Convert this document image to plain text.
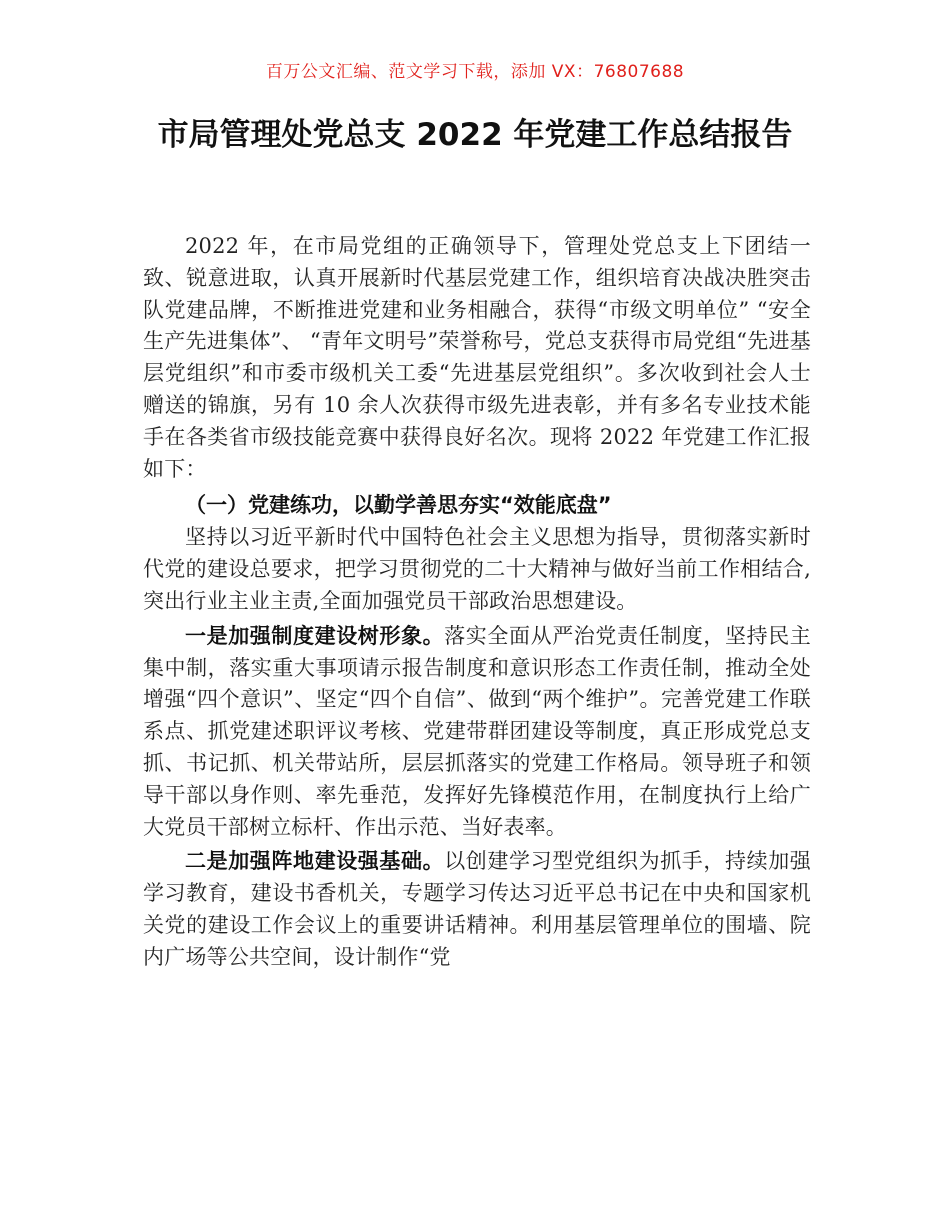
百万公文汇编、范文学习下载，添加 VX：76807688
市局管理处党总支 2022 年党建工作总结报告

2022 年，在市局党组的正确领导下，管理处党总支上下团结一致、锐意进取，认真开展新时代基层党建工作，组织培育决战决胜突击队党建品牌，不断推进党建和业务相融合，获得“市级文明单位” “安全生产先进集体”、 “青年文明号”荣誉称号，党总支获得市局党组“先进基层党组织”和市委市级机关工委“先进基层党组织”。多次收到社会人士赠送的锦旗，另有 10 余人次获得市级先进表彰，并有多名专业技术能手在各类省市级技能竞赛中获得良好名次。现将 2022 年党建工作汇报如下：

（一）党建练功，以勤学善思夯实“效能底盘”

坚持以习近平新时代中国特色社会主义思想为指导，贯彻落实新时代党的建设总要求，把学习贯彻党的二十大精神与做好当前工作相结合,突出行业主业主责,全面加强党员干部政治思想建设。

一是加强制度建设树形象。落实全面从严治党责任制度，坚持民主集中制，落实重大事项请示报告制度和意识形态工作责任制，推动全处增强“四个意识”、坚定“四个自信”、做到“两个维护”。完善党建工作联系点、抓党建述职评议考核、党建带群团建设等制度，真正形成党总支抓、书记抓、机关带站所，层层抓落实的党建工作格局。领导班子和领导干部以身作则、率先垂范，发挥好先锋模范作用，在制度执行上给广大党员干部树立标杆、作出示范、当好表率。

二是加强阵地建设强基础。以创建学习型党组织为抓手，持续加强学习教育，建设书香机关，专题学习传达习近平总书记在中央和国家机关党的建设工作会议上的重要讲话精神。利用基层管理单位的围墙、院内广场等公共空间，设计制作“党
